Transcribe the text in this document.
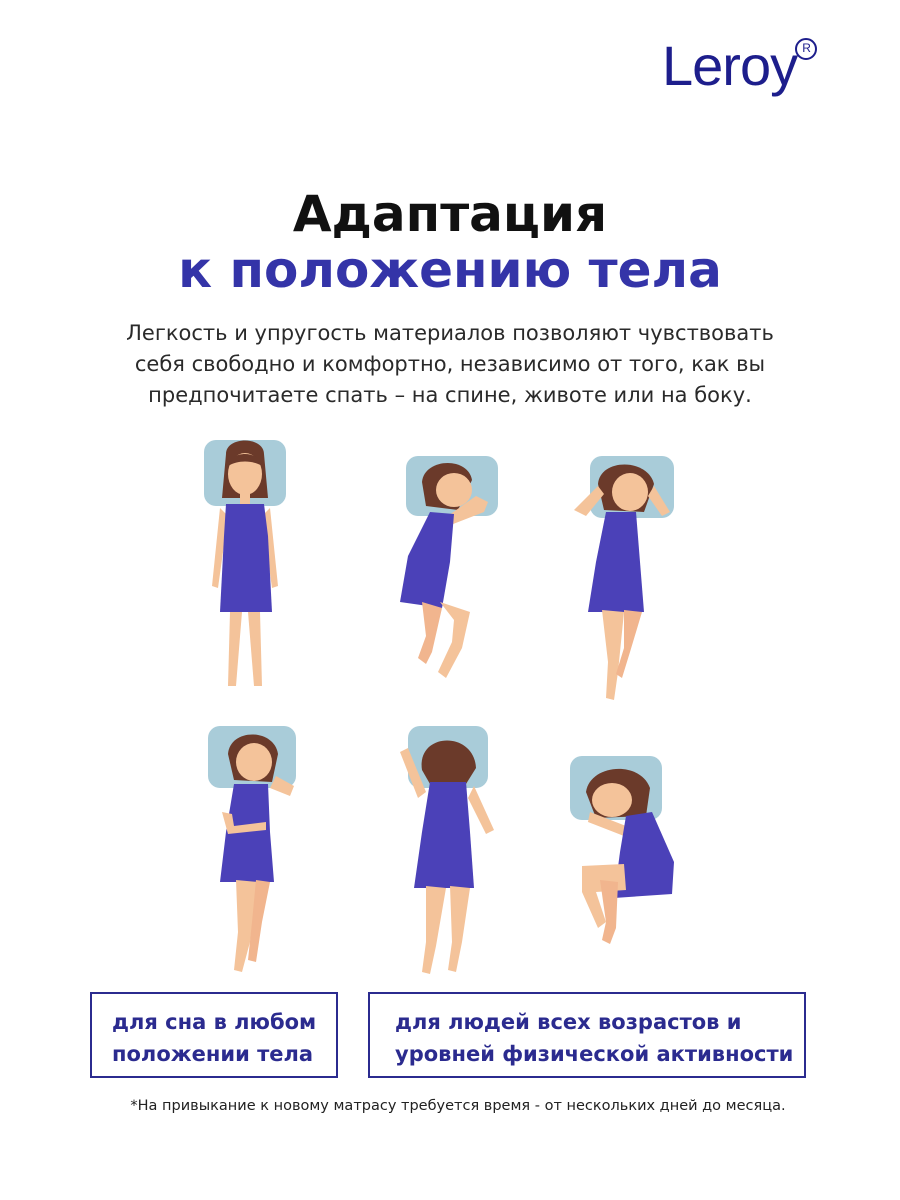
Leroy R
Адаптация
к положению тела
Легкость и упругость материалов позволяют чувствовать
себя свободно и комфортно, независимо от того, как вы
предпочитаете спать – на спине, животе или на боку.
для сна в любом
положении тела
для людей всех возрастов и
уровней физической активности
*На привыкание к новому матрасу требуется время - от нескольких дней до месяца.
